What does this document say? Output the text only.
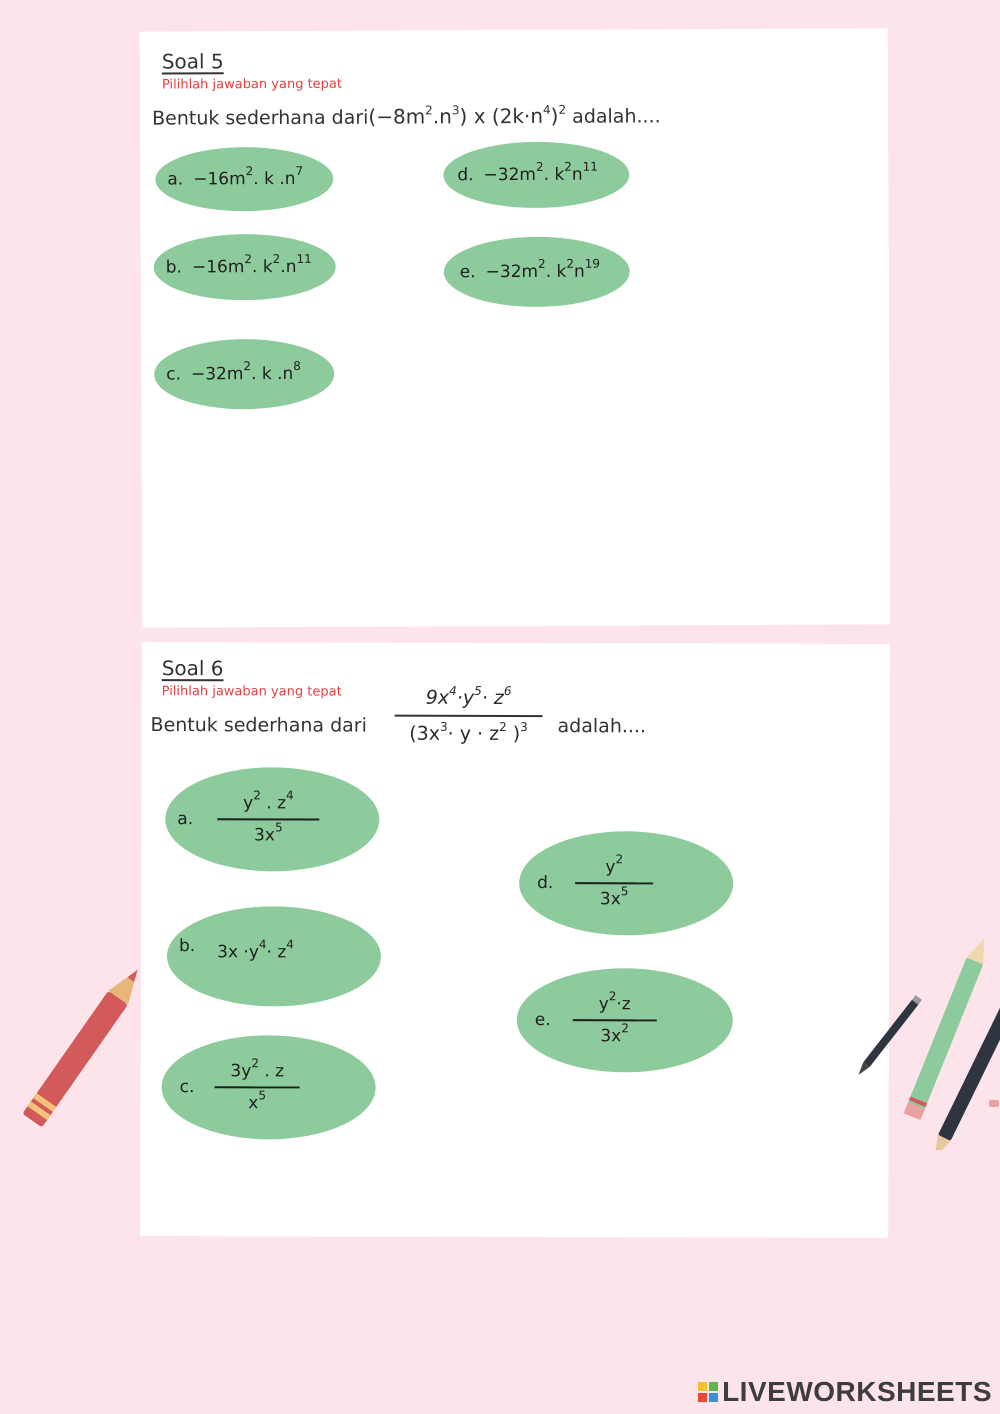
Soal 5
Pilihlah jawaban yang tepat
Bentuk sederhana $dari(-8m^2.n^3)$ x $(2k\cdot n^4)^2$ adalah....
a. $-16m^2$. k $.n^7$
b. $-16m^2$. $k^2.n^{11}$
c. $-32m^2$. k $.n^8$
d. $-32m^2$. $k^2n^{11}$
e. $-32m^2$. $k^2n^{19}$
Soal 6
Pilihlah jawaban yang tepat
Bentuk sederhana dari
$9x^4\cdot y^5\cdot z^6$
($3x^3\cdot y \cdot z^2$ )$^3$ adalah....
a. $\frac{y^2 . z^4}{3x^5}$
b. $3x \cdot y^4\cdot z^4$
c. $\frac{3y^2 . z}{x^5}$
d. $\frac{y^2}{3x^5}$
e. $\frac{y^2\cdot z}{3x^2}$
LIVEWORKSHEETS
